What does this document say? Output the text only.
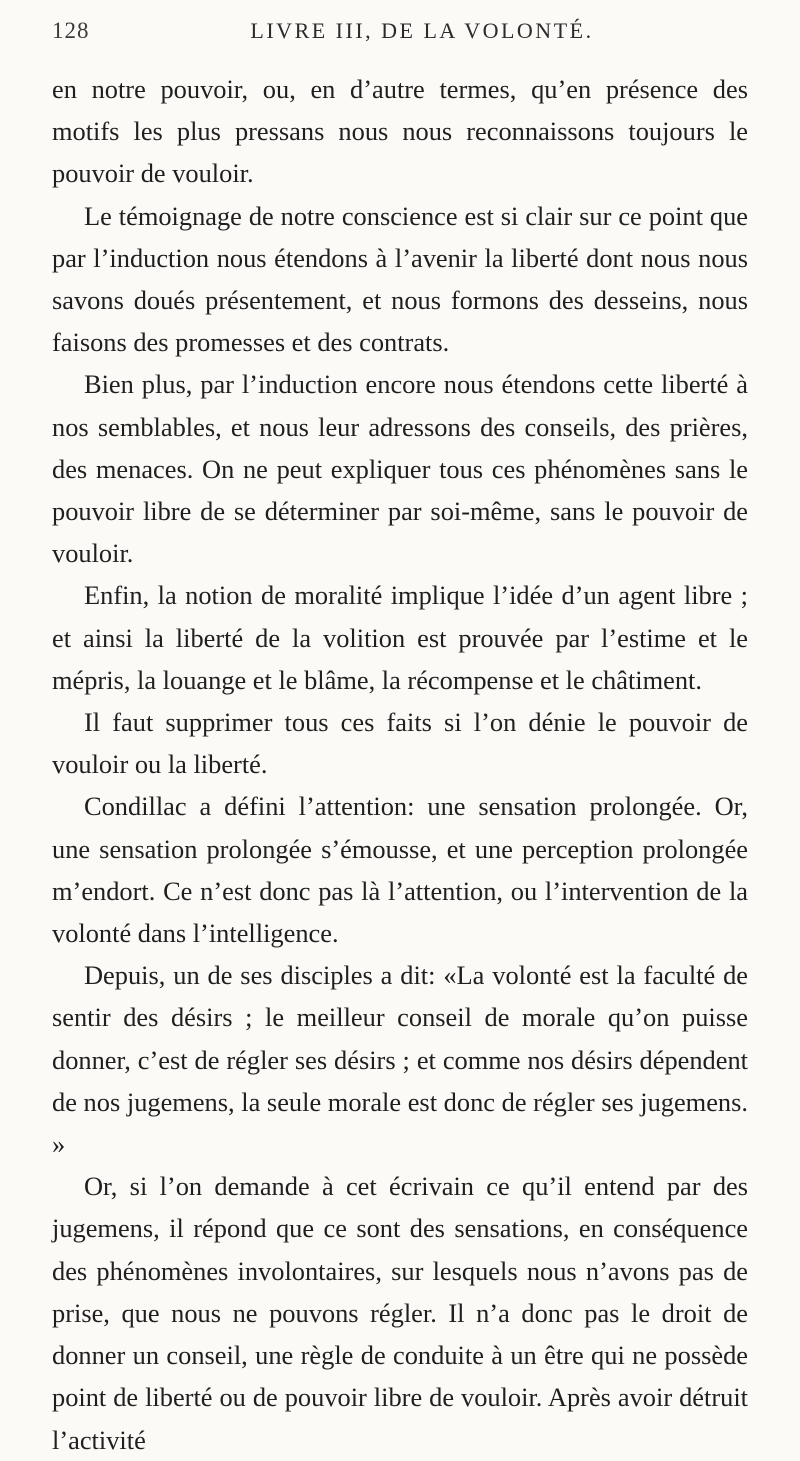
128	LIVRE III, DE LA VOLONTÉ.

en notre pouvoir, ou, en d’autre termes, qu’en présence des motifs les plus pressans nous nous reconnaissons toujours le pouvoir de vouloir.

Le témoignage de notre conscience est si clair sur ce point que par l’induction nous étendons à l’avenir la liberté dont nous nous savons doués présentement, et nous formons des desseins, nous faisons des promesses et des contrats.

Bien plus, par l’induction encore nous étendons cette liberté à nos semblables, et nous leur adressons des conseils, des prières, des menaces. On ne peut expliquer tous ces phénomènes sans le pouvoir libre de se déterminer par soi-même, sans le pouvoir de vouloir.

Enfin, la notion de moralité implique l’idée d’un agent libre ; et ainsi la liberté de la volition est prouvée par l’estime et le mépris, la louange et le blâme, la récompense et le châtiment.

Il faut supprimer tous ces faits si l’on dénie le pouvoir de vouloir ou la liberté.

Condillac a défini l’attention: une sensation prolongée. Or, une sensation prolongée s’émousse, et une perception prolongée m’endort. Ce n’est donc pas là l’attention, ou l’intervention de la volonté dans l’intelligence.

Depuis, un de ses disciples a dit: «La volonté est la faculté de sentir des désirs ; le meilleur conseil de morale qu’on puisse donner, c’est de régler ses désirs ; et comme nos désirs dépendent de nos jugemens, la seule morale est donc de régler ses jugemens. »

Or, si l’on demande à cet écrivain ce qu’il entend par des jugemens, il répond que ce sont des sensations, en conséquence des phénomènes involontaires, sur lesquels nous n’avons pas de prise, que nous ne pouvons régler. Il n’a donc pas le droit de donner un conseil, une règle de conduite à un être qui ne possède point de liberté ou de pouvoir libre de vouloir. Après avoir détruit l’activité
